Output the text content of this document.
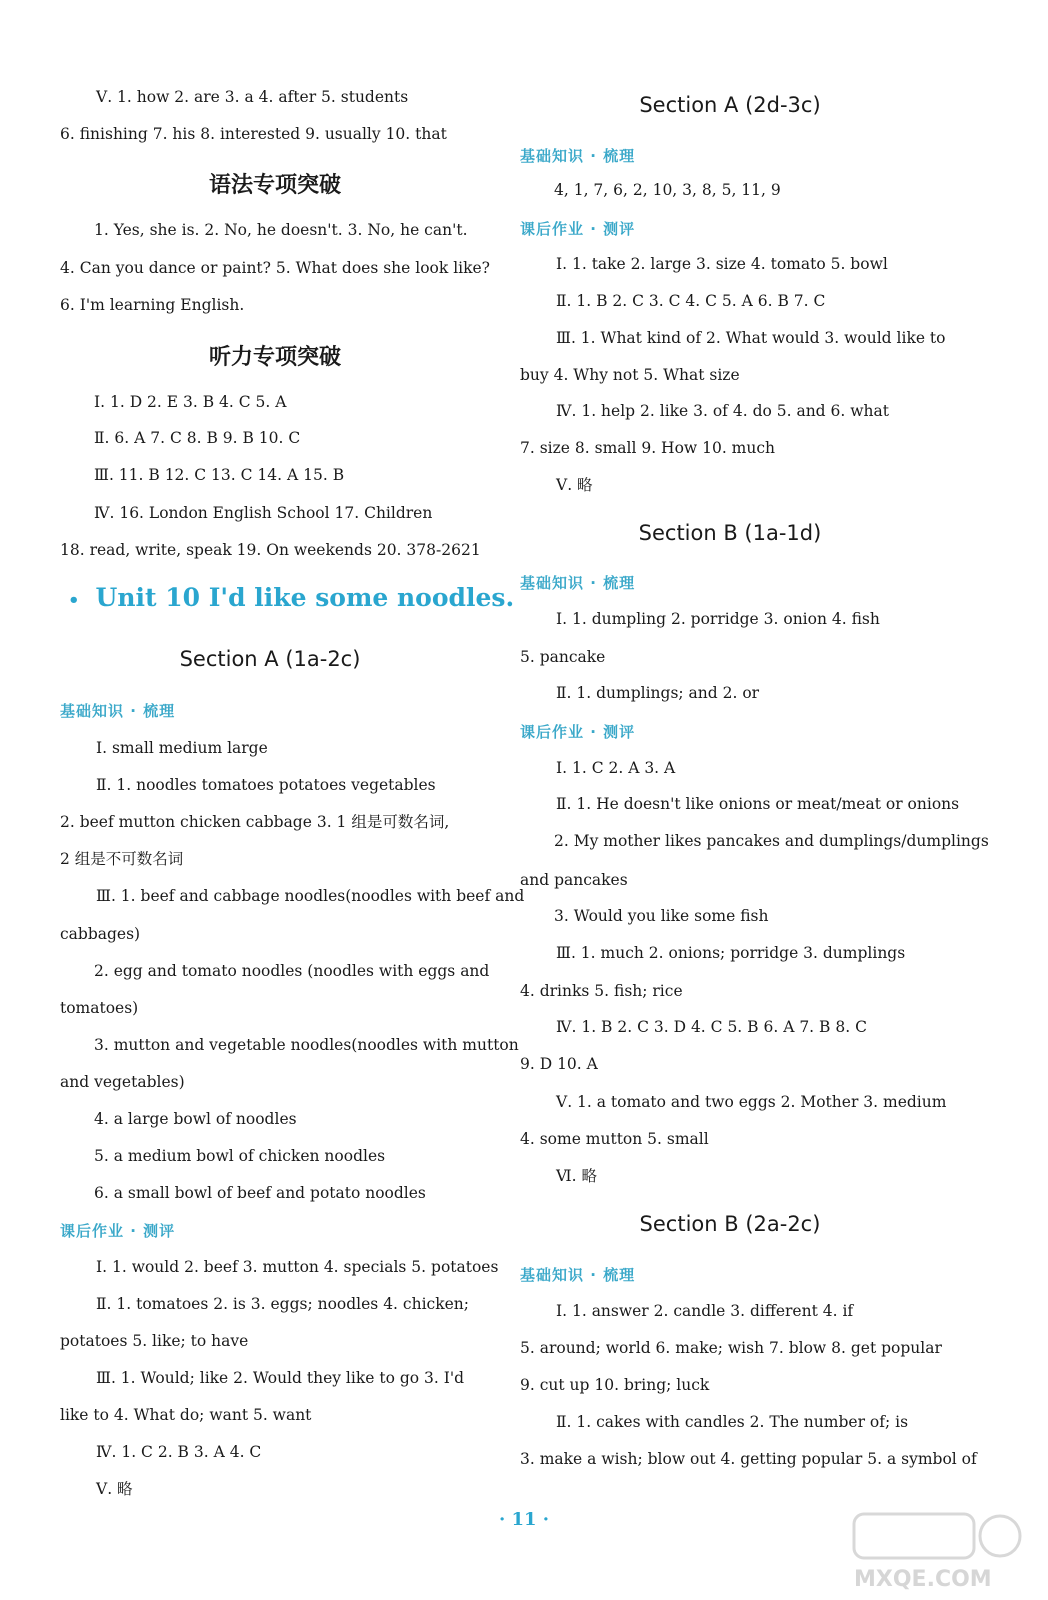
Ⅴ. 1. how 2. are 3. a 4. after 5. students
6. finishing 7. his 8. interested 9. usually 10. that
语法专项突破
1. Yes, she is. 2. No, he doesn't. 3. No, he can't.
4. Can you dance or paint? 5. What does she look like?
6. I'm learning English.
听力专项突破
Ⅰ. 1. D 2. E 3. B 4. C 5. A
Ⅱ. 6. A 7. C 8. B 9. B 10. C
Ⅲ. 11. B 12. C 13. C 14. A 15. B
Ⅳ. 16. London English School 17. Children
18. read, write, speak 19. On weekends 20. 378-2621
• Unit 10 I'd like some noodles.
Section A (1a-2c)
基础知识 · 梳理
Ⅰ. small medium large
Ⅱ. 1. noodles tomatoes potatoes vegetables
2. beef mutton chicken cabbage 3. 1 组是可数名词,
2 组是不可数名词
Ⅲ. 1. beef and cabbage noodles(noodles with beef and
cabbages)
2. egg and tomato noodles (noodles with eggs and
tomatoes)
3. mutton and vegetable noodles(noodles with mutton
and vegetables)
4. a large bowl of noodles
5. a medium bowl of chicken noodles
6. a small bowl of beef and potato noodles
课后作业 · 测评
Ⅰ. 1. would 2. beef 3. mutton 4. specials 5. potatoes
Ⅱ. 1. tomatoes 2. is 3. eggs; noodles 4. chicken;
potatoes 5. like; to have
Ⅲ. 1. Would; like 2. Would they like to go 3. I'd
like to 4. What do; want 5. want
Ⅳ. 1. C 2. B 3. A 4. C
Ⅴ. 略
Section A (2d-3c)
基础知识 · 梳理
4, 1, 7, 6, 2, 10, 3, 8, 5, 11, 9
课后作业 · 测评
Ⅰ. 1. take 2. large 3. size 4. tomato 5. bowl
Ⅱ. 1. B 2. C 3. C 4. C 5. A 6. B 7. C
Ⅲ. 1. What kind of 2. What would 3. would like to
buy 4. Why not 5. What size
Ⅳ. 1. help 2. like 3. of 4. do 5. and 6. what
7. size 8. small 9. How 10. much
Ⅴ. 略
Section B (1a-1d)
基础知识 · 梳理
Ⅰ. 1. dumpling 2. porridge 3. onion 4. fish
5. pancake
Ⅱ. 1. dumplings; and 2. or
课后作业 · 测评
Ⅰ. 1. C 2. A 3. A
Ⅱ. 1. He doesn't like onions or meat/meat or onions
2. My mother likes pancakes and dumplings/dumplings
and pancakes
3. Would you like some fish
Ⅲ. 1. much 2. onions; porridge 3. dumplings
4. drinks 5. fish; rice
Ⅳ. 1. B 2. C 3. D 4. C 5. B 6. A 7. B 8. C
9. D 10. A
Ⅴ. 1. a tomato and two eggs 2. Mother 3. medium
4. some mutton 5. small
Ⅵ. 略
Section B (2a-2c)
基础知识 · 梳理
Ⅰ. 1. answer 2. candle 3. different 4. if
5. around; world 6. make; wish 7. blow 8. get popular
9. cut up 10. bring; luck
Ⅱ. 1. cakes with candles 2. The number of; is
3. make a wish; blow out 4. getting popular 5. a symbol of
· 11 ·
MXQE.COM
